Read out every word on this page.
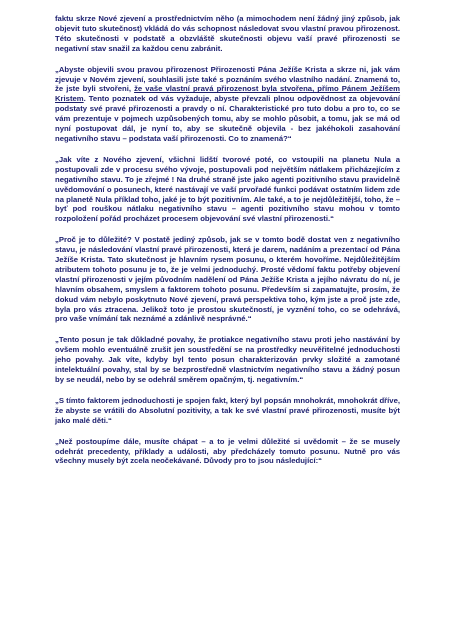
faktu skrze Nové zjevení a prostřednictvím něho (a mimochodem není žádný jiný způsob, jak objevit tuto skutečnost) vkládá do vás schopnost následovat svou vlastní pravou přirozenost. Této skutečnosti v podstatě a obzvláště skutečnosti objevu vaší pravé přirozenosti se negativní stav snažil za každou cenu zabránit.

„Abyste objevili svou pravou přirozenost Přirozenosti Pána Ježíše Krista a skrze ni, jak vám zjevuje v Novém zjevení, souhlasili jste také s poznáním svého vlastního nadání. Znamená to, že jste byli stvořeni, že vaše vlastní pravá přirozenost byla stvořena, přímo Pánem Ježíšem Kristem. Tento poznatek od vás vyžaduje, abyste převzali plnou odpovědnost za objevování podstaty své pravé přirozenosti a pravdy o ní. Charakteristické pro tuto dobu a pro to, co se vám prezentuje v pojmech uzpůsobených tomu, aby se mohlo působit, a tomu, jak se má od nyní postupovat dál, je nyní to, aby se skutečně objevila - bez jakéhokoli zasahování negativního stavu – podstata vaší přirozenosti. Co to znamená?“

„Jak víte z Nového zjevení, všichni lidští tvorové poté, co vstoupili na planetu Nula a postupovali zde v procesu svého vývoje, postupovali pod největším nátlakem přicházejícím z negativního stavu. To je zřejmé ! Na druhé straně jste jako agenti pozitivního stavu pravidelně uvědomování o posunech, které nastávají ve vaší prvořadé funkci podávat ostatním lidem zde na planetě Nula příklad toho, jaké je to být pozitivním. Ale také, a to je nejdůležitější, toho, že – byť pod rouškou nátlaku negativního stavu – agenti pozitivního stavu mohou v tomto rozpoložení pořád procházet procesem objevování své vlastní přirozenosti.“

„Proč je to důležité? V postatě jediný způsob, jak se v tomto bodě dostat ven z negativního stavu, je následování vlastní pravé přirozenosti, která je darem, nadáním a prezentací od Pána Ježíše Krista. Tato skutečnost je hlavním rysem posunu, o kterém hovoříme. Nejdůležitějším atributem tohoto posunu je to, že je velmi jednoduchý. Prosté vědomí faktu potřeby objevení vlastní přirozenosti v jejím původním nadělení od Pána Ježíše Krista a jejího návratu do ní, je hlavním obsahem, smyslem a faktorem tohoto posunu. Především si zapamatujte, prosím, že dokud vám nebylo poskytnuto Nové zjevení, pravá perspektiva toho, kým jste a proč jste zde, byla pro vás ztracena. Jelikož toto je prostou skutečností, je vyznění toho, co se odehrává, pro vaše vnímání tak neznámé a zdánlivě nesprávné.“

„Tento posun je tak důkladné povahy, že protiakce negativního stavu proti jeho nastávání by ovšem mohlo eventuálně zrušit jen soustředění se na prostředky neuvěřitelné jednoduchosti jeho povahy. Jak víte, kdyby byl tento posun charakterizován prvky složité a zamotané intelektuální povahy, stal by se bezprostředně vlastnictvím negativního stavu a žádný posun by se neudál, nebo by se odehrál směrem opačným, tj. negativním.“

„S tímto faktorem jednoduchosti je spojen fakt, který byl popsán mnohokrát, mnohokrát dříve, že abyste se vrátili do Absolutní pozitivity, a tak ke své vlastní pravé přirozenosti, musíte být jako malé děti.“

„Než postoupíme dále, musíte chápat – a to je velmi důležité si uvědomit – že se musely odehrát precedenty, příklady a události, aby předcházely tomuto posunu. Nutně pro vás všechny musely být zcela neočekávané. Důvody pro to jsou následující:“
